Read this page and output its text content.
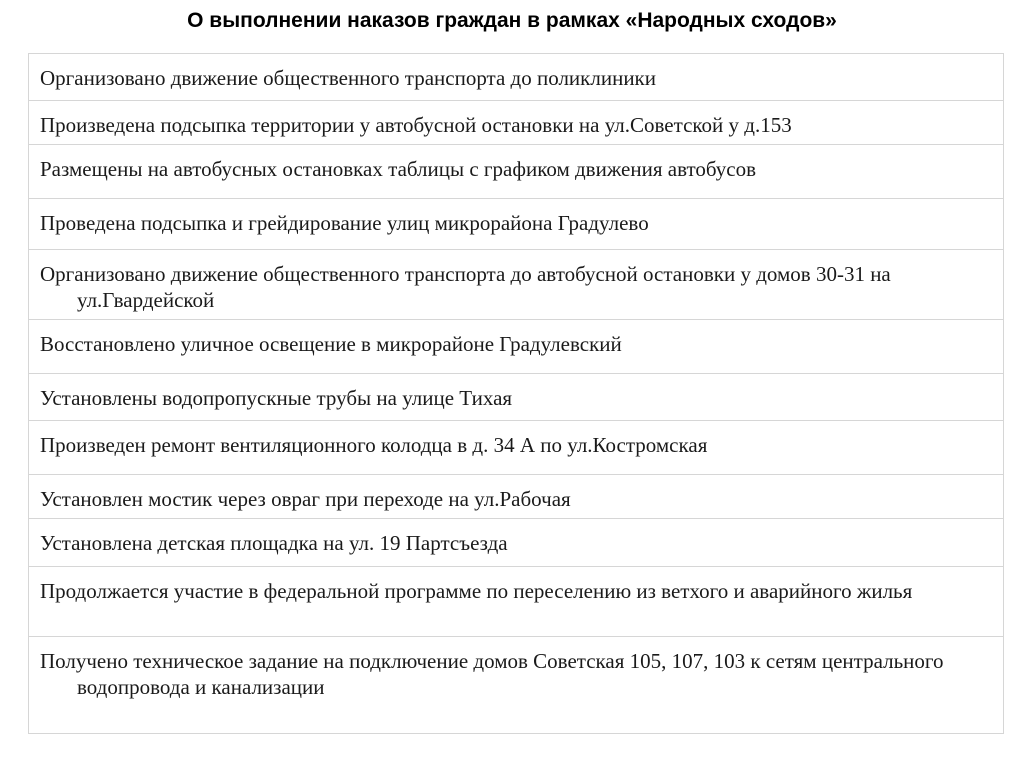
О выполнении наказов граждан в рамках «Народных сходов»
Организовано движение общественного транспорта до поликлиники

Произведена подсыпка территории у автобусной остановки на ул.Советской у д.153

Размещены на автобусных остановках таблицы с графиком движения автобусов

Проведена подсыпка и грейдирование улиц микрорайона Градулево

Организовано движение общественного транспорта до автобусной остановки у домов 30-31 на ул.Гвардейской

Восстановлено уличное освещение в микрорайоне Градулевский

Установлены водопропускные трубы на улице Тихая

Произведен ремонт вентиляционного колодца в д. 34 А по ул.Костромская

Установлен мостик через овраг при переходе на ул.Рабочая

Установлена детская площадка на ул. 19 Партсъезда

Продолжается участие в федеральной программе по переселению из ветхого и аварийного жилья

Получено техническое задание на подключение домов Советская 105, 107, 103 к сетям центрального водопровода и канализации
